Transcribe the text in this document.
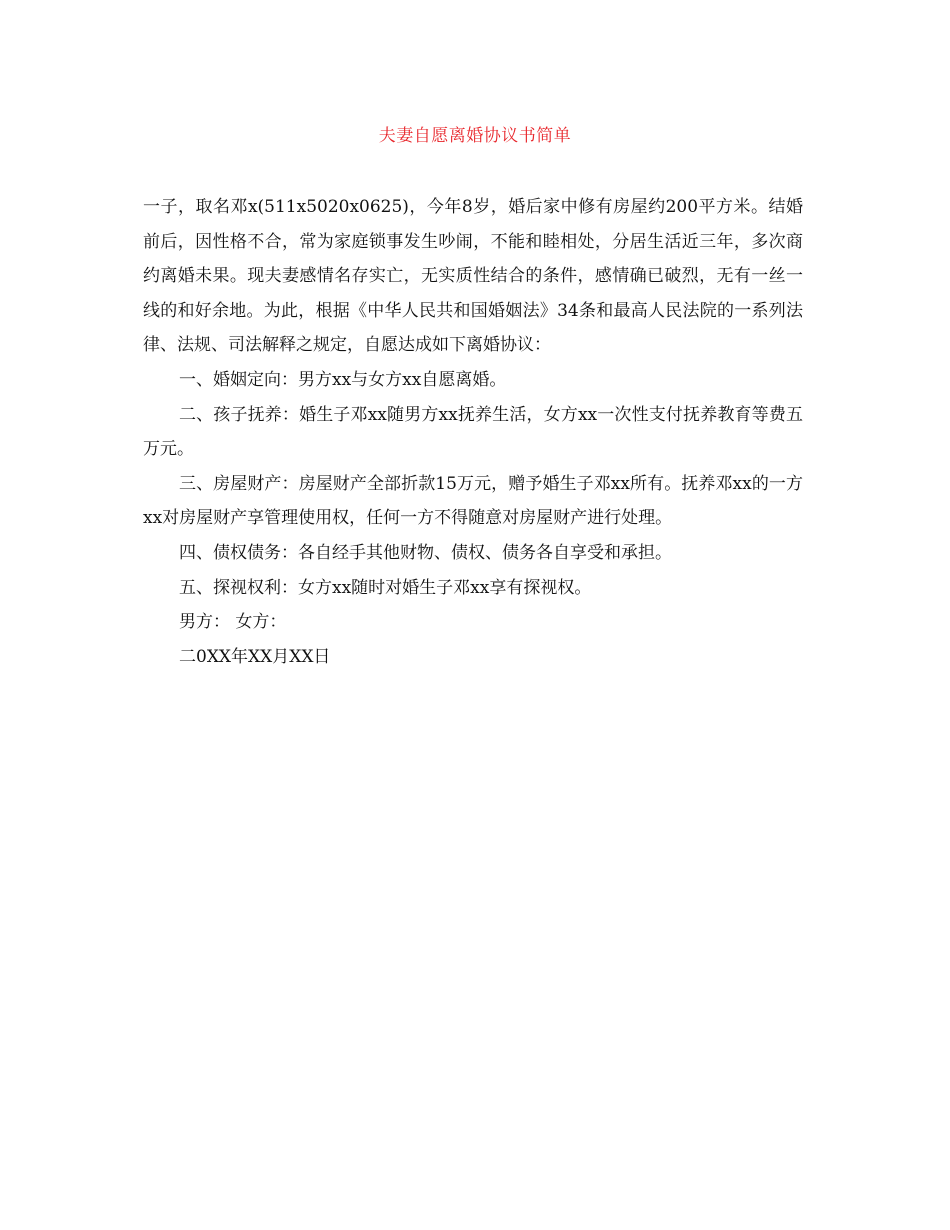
夫妻自愿离婚协议书简单

一子，取名邓x(511x5020x0625)，今年8岁，婚后家中修有房屋约200平方米。结婚前后，因性格不合，常为家庭锁事发生吵闹，不能和睦相处，分居生活近三年，多次商约离婚未果。现夫妻感情名存实亡，无实质性结合的条件，感情确已破烈，无有一丝一线的和好余地。为此，根据《中华人民共和国婚姻法》34条和最高人民法院的一系列法律、法规、司法解释之规定，自愿达成如下离婚协议：

一、婚姻定向：男方xx与女方xx自愿离婚。

二、孩子抚养：婚生子邓xx随男方xx抚养生活，女方xx一次性支付抚养教育等费五万元。

三、房屋财产：房屋财产全部折款15万元，赠予婚生子邓xx所有。抚养邓xx的一方xx对房屋财产享管理使用权，任何一方不得随意对房屋财产进行处理。

四、债权债务：各自经手其他财物、债权、债务各自享受和承担。

五、探视权利：女方xx随时对婚生子邓xx享有探视权。

男方： 女方：

二0XX年XX月XX日
